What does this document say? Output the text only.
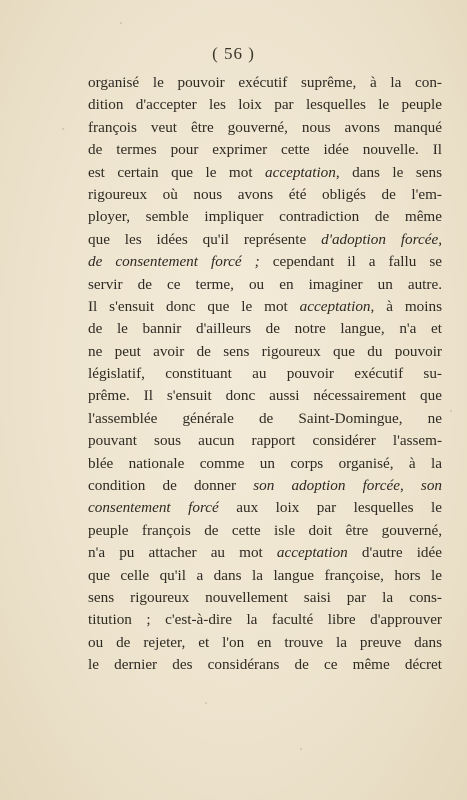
( 56 )
organisé le pouvoir exécutif suprême, à la con-
dition d'accepter les loix par lesquelles le peuple
françois veut être gouverné, nous avons manqué
de termes pour exprimer cette idée nouvelle. Il
est certain que le mot acceptation, dans le sens
rigoureux où nous avons été obligés de l'em-
ployer, semble impliquer contradiction de même
que les idées qu'il représente d'adoption forcée,
de consentement forcé ; cependant il a fallu se
servir de ce terme, ou en imaginer un autre.
Il s'ensuit donc que le mot acceptation, à moins
de le bannir d'ailleurs de notre langue, n'a et
ne peut avoir de sens rigoureux que du pouvoir
législatif, constituant au pouvoir exécutif su-
prême. Il s'ensuit donc aussi nécessairement que
l'assemblée générale de Saint-Domingue, ne
pouvant sous aucun rapport considérer l'assem-
blée nationale comme un corps organisé, à la
condition de donner son adoption forcée, son
consentement forcé aux loix par lesquelles le
peuple françois de cette isle doit être gouverné,
n'a pu attacher au mot acceptation d'autre idée
que celle qu'il a dans la langue françoise, hors le
sens rigoureux nouvellement saisi par la cons-
titution ; c'est-à-dire la faculté libre d'approuver
ou de rejeter, et l'on en trouve la preuve dans
le dernier des considérans de ce même décret
